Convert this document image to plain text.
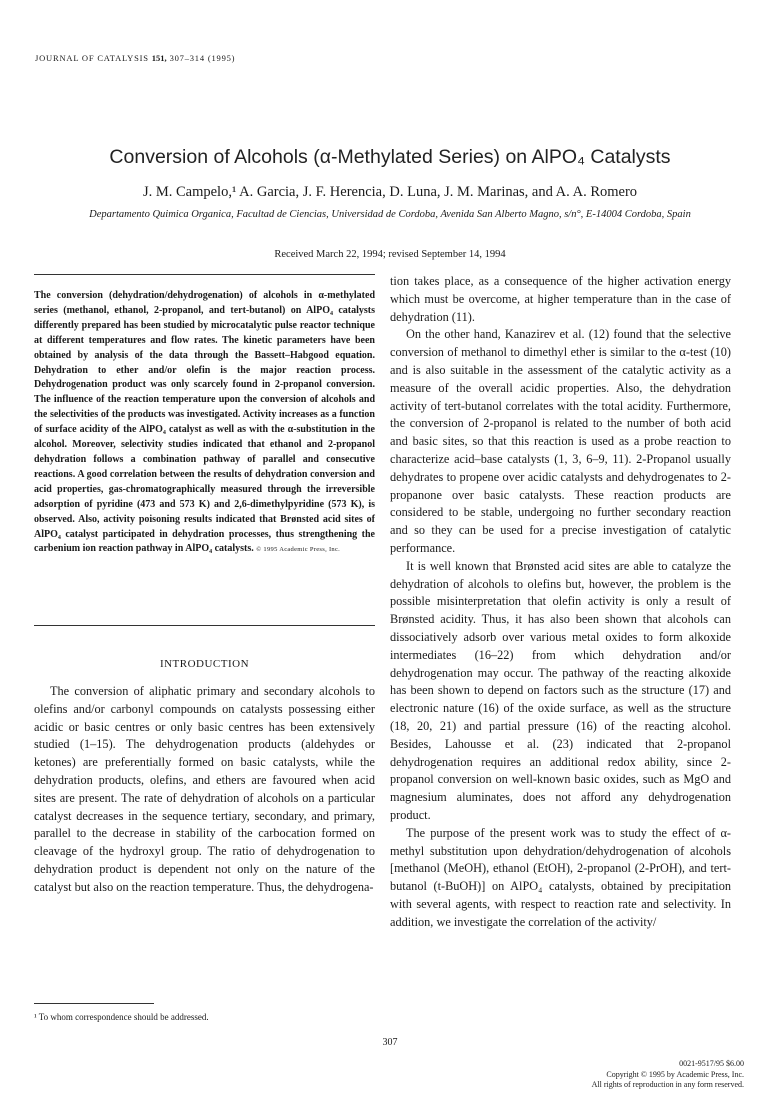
JOURNAL OF CATALYSIS 151, 307–314 (1995)
Conversion of Alcohols (α-Methylated Series) on AlPO₄ Catalysts
J. M. Campelo,¹ A. Garcia, J. F. Herencia, D. Luna, J. M. Marinas, and A. A. Romero
Departamento Quimica Organica, Facultad de Ciencias, Universidad de Cordoba, Avenida San Alberto Magno, s/n°, E-14004 Cordoba, Spain
Received March 22, 1994; revised September 14, 1994
The conversion (dehydration/dehydrogenation) of alcohols in α-methylated series (methanol, ethanol, 2-propanol, and tert-butanol) on AlPO₄ catalysts differently prepared has been studied by microcatalytic pulse reactor technique at different temperatures and flow rates. The kinetic parameters have been obtained by analysis of the data through the Bassett–Habgood equation. Dehydration to ether and/or olefin is the major reaction process. Dehydrogenation product was only scarcely found in 2-propanol conversion. The influence of the reaction temperature upon the conversion of alcohols and the selectivities of the products was investigated. Activity increases as a function of surface acidity of the AlPO₄ catalyst as well as with the α-substitution in the alcohol. Moreover, selectivity studies indicated that ethanol and 2-propanol dehydration follows a combination pathway of parallel and consecutive reactions. A good correlation between the results of dehydration conversion and acid properties, gas-chromatographically measured through the irreversible adsorption of pyridine (473 and 573 K) and 2,6-dimethylpyridine (573 K), is observed. Also, activity poisoning results indicated that Brønsted acid sites of AlPO₄ catalyst participated in dehydration processes, thus strengthening the carbenium ion reaction pathway in AlPO₄ catalysts. © 1995 Academic Press, Inc.
INTRODUCTION

The conversion of aliphatic primary and secondary alcohols to olefins and/or carbonyl compounds on catalysts possessing either acidic or basic centres or only basic centres has been extensively studied (1–15). The dehydrogenation products (aldehydes or ketones) are preferentially formed on basic catalysts, while the dehydration products, olefins, and ethers are favoured when acid sites are present. The rate of dehydration of alcohols on a particular catalyst decreases in the sequence tertiary, secondary, and primary, parallel to the decrease in stability of the carbocation formed on cleavage of the hydroxyl group. The ratio of dehydrogenation to dehydration product is dependent not only on the nature of the catalyst but also on the reaction temperature. Thus, the dehydrogena-

tion takes place, as a consequence of the higher activation energy which must be overcome, at higher temperature than in the case of dehydration (11).

On the other hand, Kanazirev et al. (12) found that the selective conversion of methanol to dimethyl ether is similar to the α-test (10) and is also suitable in the assessment of the catalytic activity as a measure of the overall acidic properties. Also, the dehydration activity of tert-butanol correlates with the total acidity. Furthermore, the conversion of 2-propanol is related to the number of both acid and basic sites, so that this reaction is used as a probe reaction to characterize acid–base catalysts (1, 3, 6–9, 11). 2-Propanol usually dehydrates to propene over acidic catalysts and dehydrogenates to 2-propanone over basic catalysts. These reaction products are considered to be stable, undergoing no further secondary reaction and so they can be used for a precise investigation of catalytic performance.

It is well known that Brønsted acid sites are able to catalyze the dehydration of alcohols to olefins but, however, the problem is the possible misinterpretation that olefin activity is only a result of Brønsted acidity. Thus, it has also been shown that alcohols can dissociatively adsorb over various metal oxides to form alkoxide intermediates (16–22) from which dehydration and/or dehydrogenation may occur. The pathway of the reacting alkoxide has been shown to depend on factors such as the structure (17) and electronic nature (16) of the oxide surface, as well as the structure (18, 20, 21) and partial pressure (16) of the reacting alcohol. Besides, Lahousse et al. (23) indicated that 2-propanol dehydrogenation requires an additional redox ability, since 2-propanol conversion on well-known basic oxides, such as MgO and magnesium aluminates, does not afford any dehydrogenation product.

The purpose of the present work was to study the effect of α-methyl substitution upon dehydration/dehydrogenation of alcohols [methanol (MeOH), ethanol (EtOH), 2-propanol (2-PrOH), and tert-butanol (t-BuOH)] on AlPO₄ catalysts, obtained by precipitation with several agents, with respect to reaction rate and selectivity. In addition, we investigate the correlation of the activity/

¹ To whom correspondence should be addressed.
307
0021-9517/95 $6.00
Copyright © 1995 by Academic Press, Inc.
All rights of reproduction in any form reserved.
